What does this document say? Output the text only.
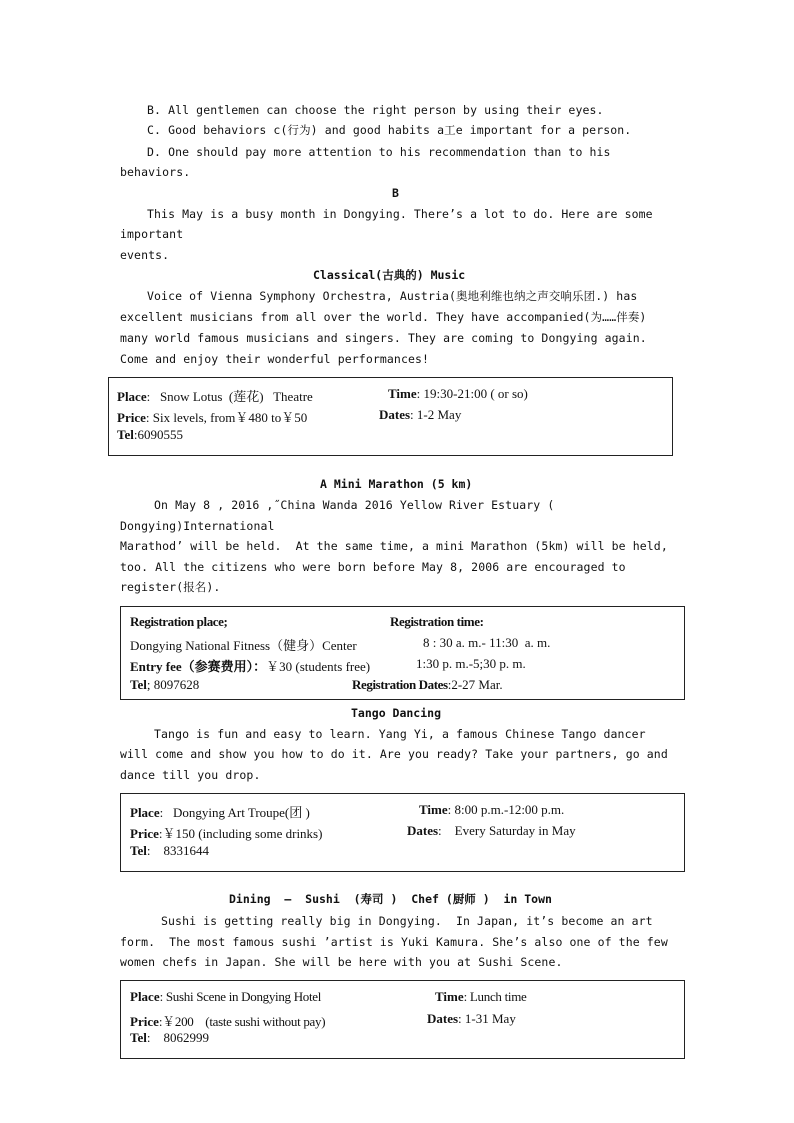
B. All gentlemen can choose the right person by using their eyes.
C. Good behaviors c(行为) and good habits a工e important for a person.
D. One should pay more attention to his recommendation than to his
behaviors.
B
This May is a busy month in Dongying. There’s a lot to do. Here are some
important
events.
Classical(古典的) Music
Voice of Vienna Symphony Orchestra, Austria(奥地利维也纳之声交响乐团.) has
excellent musicians from all over the world. They have accompanied(为……伴奏)
many world famous musicians and singers. They are coming to Dongying again.
Come and enjoy their wonderful performances!
Place:   Snow Lotus  (莲花)   Theatre	Time: 19:30-21:00 ( or so)
Price: Six levels, from￥480 to￥50	Dates: 1-2 May
Tel:6090555
A Mini Marathon (5 km)
On May 8 , 2016 ,˝China Wanda 2016 Yellow River Estuary (
Dongying)International
Marathod’ will be held.  At the same time, a mini Marathon (5km) will be held,
too. All the citizens who were born before May 8, 2006 are encouraged to
register(报名).
Registration place;	Registration time:
Dongying National Fitness（健身）Center	8 : 30 a. m.- 11:30  a. m.
Entry fee（参赛费用）：￥30 (students free)	1:30 p. m.-5;30 p. m.
Tel; 8097628	Registration Dates:2-27 Mar.
Tango Dancing
Tango is fun and easy to learn. Yang Yi, a famous Chinese Tango dancer
will come and show you how to do it. Are you ready? Take your partners, go and
dance till you drop.
Place:   Dongying Art Troupe(团 )	Time: 8:00 p.m.-12:00 p.m.
Price:￥150 (including some drinks)	Dates:    Every Saturday in May
Tel:    8331644
Dining  –  Sushi  (寿司 )  Chef (厨师 )  in Town
Sushi is getting really big in Dongying.  In Japan, it’s become an art
form.  The most famous sushi ’artist is Yuki Kamura. She’s also one of the few
women chefs in Japan. She will be here with you at Sushi Scene.
Place: Sushi Scene in Dongying Hotel	Time: Lunch time
Price:￥200    (taste sushi without pay)	Dates: 1-31 May
Tel:    8062999
